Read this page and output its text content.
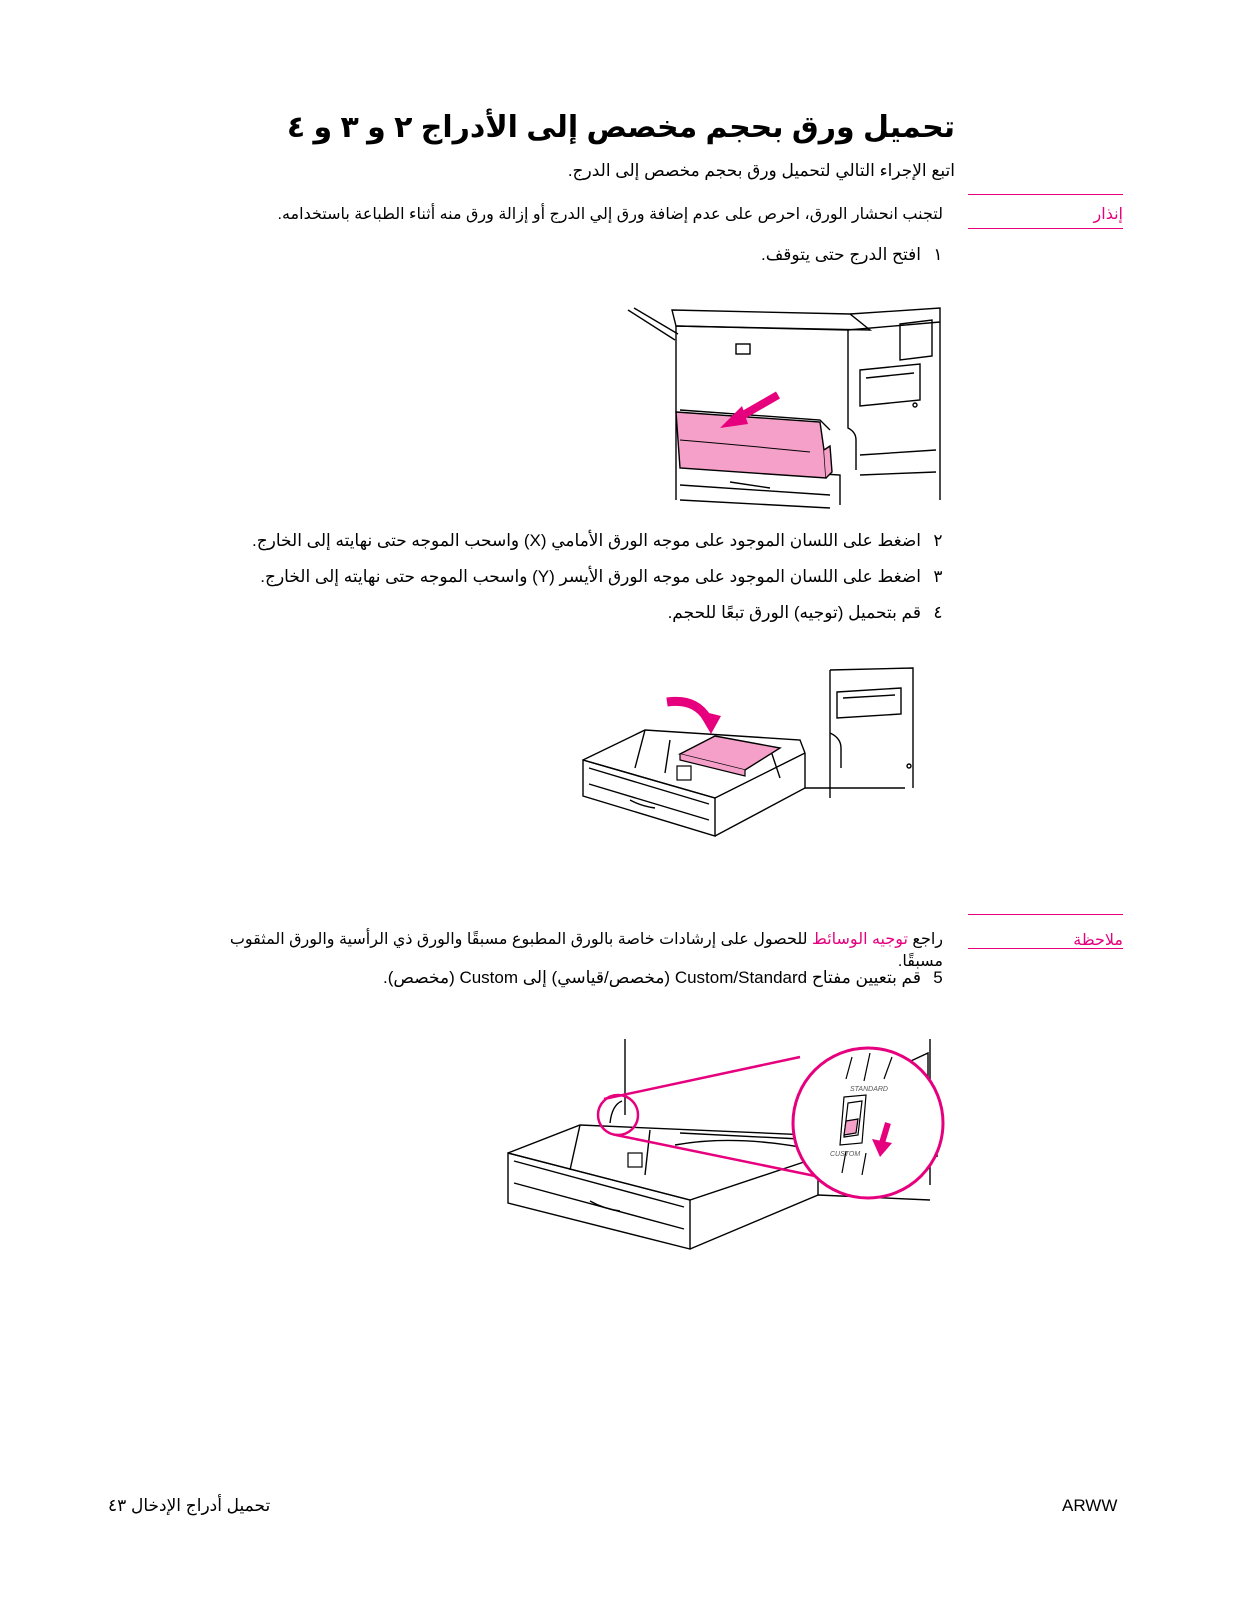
تحميل ورق بحجم مخصص إلى الأدراج ٢ و ٣ و ٤
اتبع الإجراء التالي لتحميل ورق بحجم مخصص إلى الدرج.
إنذار
لتجنب انحشار الورق، احرص على عدم إضافة ورق إلي الدرج أو إزالة ورق منه أثناء الطباعة باستخدامه.
١
افتح الدرج حتى يتوقف.
٢
اضغط على اللسان الموجود على موجه الورق الأمامي (X) واسحب الموجه حتى نهايته إلى الخارج.
٣
اضغط على اللسان الموجود على موجه الورق الأيسر (Y) واسحب الموجه حتى نهايته إلى الخارج.
٤
قم بتحميل (توجيه) الورق تبعًا للحجم.
ملاحظة
راجع توجيه الوسائط للحصول على إرشادات خاصة بالورق المطبوع مسبقًا والورق ذي الرأسية والورق المثقوب مسبقًا.
5
قم بتعيين مفتاح Custom/Standard (مخصص/قياسي) إلى Custom (مخصص).
STANDARD
CUSTOM
ARWW
تحميل أدراج الإدخال ٤٣
